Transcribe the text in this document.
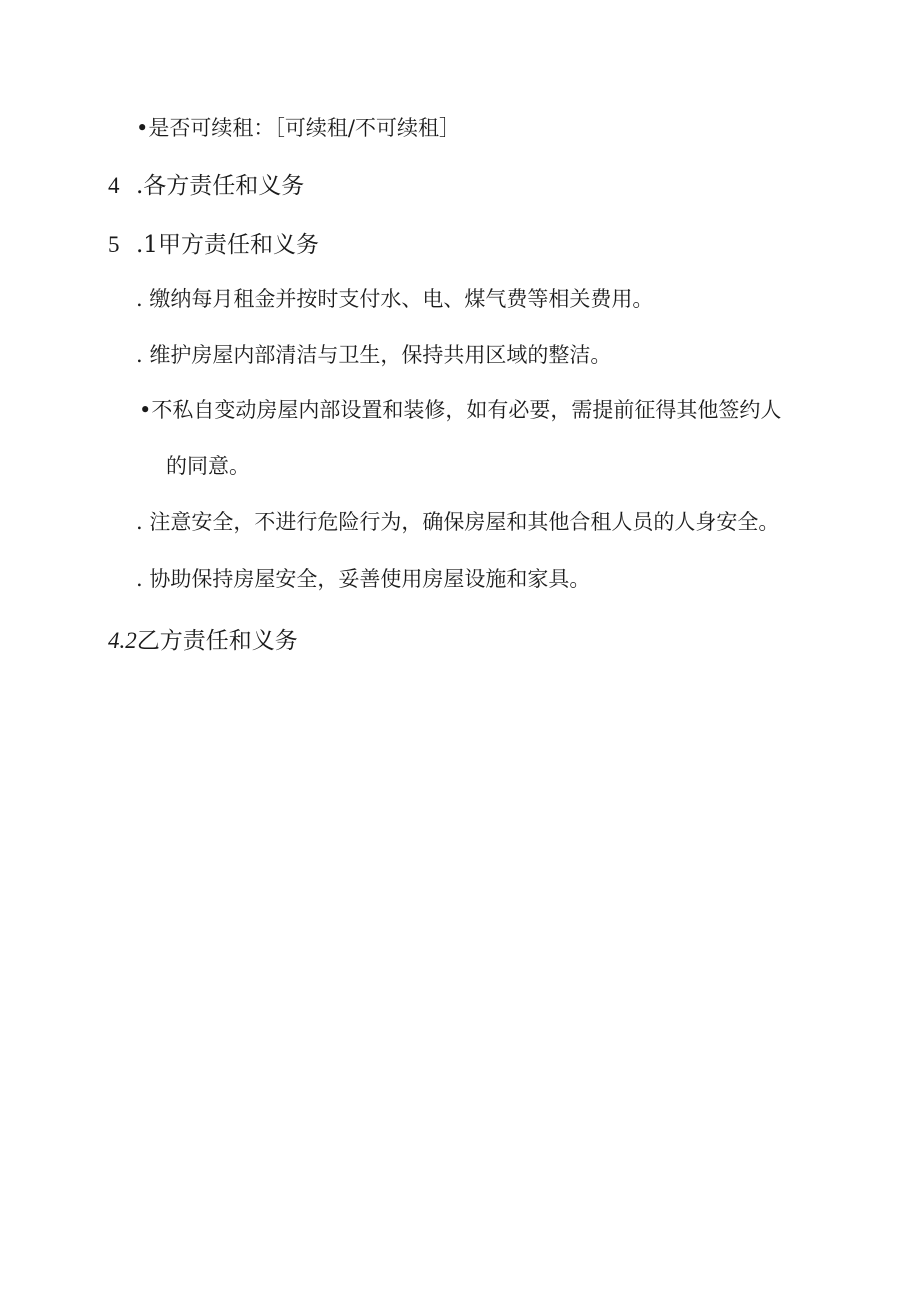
•是否可续租：［可续租/不可续租］
4 .各方责任和义务
5 .1甲方责任和义务
. 缴纳每月租金并按时支付水、电、煤气费等相关费用。
. 维护房屋内部清洁与卫生，保持共用区域的整洁。
•不私自变动房屋内部设置和装修，如有必要，需提前征得其他签约人
的同意。
. 注意安全，不进行危险行为，确保房屋和其他合租人员的人身安全。
. 协助保持房屋安全，妥善使用房屋设施和家具。
4.2乙方责任和义务
